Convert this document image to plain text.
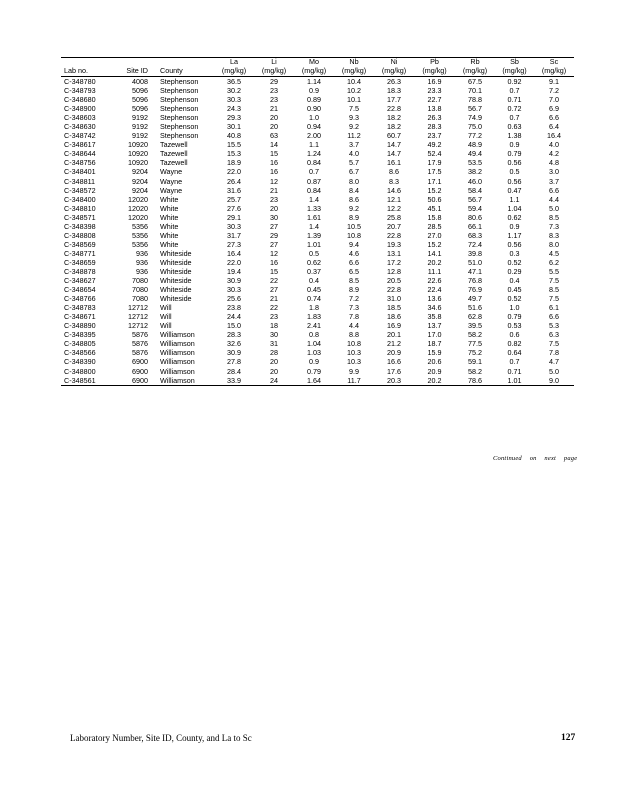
			La	Li	Mo	Nb	Ni	Pb	Rb	Sb	Sc
Lab no.	Site ID	County	(mg/kg)	(mg/kg)	(mg/kg)	(mg/kg)	(mg/kg)	(mg/kg)	(mg/kg)	(mg/kg)	(mg/kg)
C-348780	4008	Stephenson	36.5	29	1.14	10.4	26.3	16.9	67.5	0.92	9.1
C-348793	5096	Stephenson	30.2	23	0.9	10.2	18.3	23.3	70.1	0.7	7.2
C-348680	5096	Stephenson	30.3	23	0.89	10.1	17.7	22.7	78.8	0.71	7.0
C-348900	5096	Stephenson	24.3	21	0.90	7.5	22.8	13.8	56.7	0.72	6.9
C-348603	9192	Stephenson	29.3	20	1.0	9.3	18.2	26.3	74.9	0.7	6.6
C-348630	9192	Stephenson	30.1	20	0.94	9.2	18.2	28.3	75.0	0.63	6.4
C-348742	9192	Stephenson	40.8	63	2.00	11.2	60.7	23.7	77.2	1.38	16.4
C-348617	10920	Tazewell	15.5	14	1.1	3.7	14.7	49.2	48.9	0.9	4.0
C-348644	10920	Tazewell	15.3	15	1.24	4.0	14.7	52.4	49.4	0.79	4.2
C-348756	10920	Tazewell	18.9	16	0.84	5.7	16.1	17.9	53.5	0.56	4.8
C-348401	9204	Wayne	22.0	16	0.7	6.7	8.6	17.5	38.2	0.5	3.0
C-348811	9204	Wayne	26.4	12	0.87	8.0	8.3	17.1	46.0	0.56	3.7
C-348572	9204	Wayne	31.6	21	0.84	8.4	14.6	15.2	58.4	0.47	6.6
C-348400	12020	White	25.7	23	1.4	8.6	12.1	50.6	56.7	1.1	4.4
C-348810	12020	White	27.6	20	1.33	9.2	12.2	45.1	59.4	1.04	5.0
C-348571	12020	White	29.1	30	1.61	8.9	25.8	15.8	80.6	0.62	8.5
C-348398	5356	White	30.3	27	1.4	10.5	20.7	28.5	66.1	0.9	7.3
C-348808	5356	White	31.7	29	1.39	10.8	22.8	27.0	68.3	1.17	8.3
C-348569	5356	White	27.3	27	1.01	9.4	19.3	15.2	72.4	0.56	8.0
C-348771	936	Whiteside	16.4	12	0.5	4.6	13.1	14.1	39.8	0.3	4.5
C-348659	936	Whiteside	22.0	16	0.62	6.6	17.2	20.2	51.0	0.52	6.2
C-348878	936	Whiteside	19.4	15	0.37	6.5	12.8	11.1	47.1	0.29	5.5
C-348627	7080	Whiteside	30.9	22	0.4	8.5	20.5	22.6	76.8	0.4	7.5
C-348654	7080	Whiteside	30.3	27	0.45	8.9	22.8	22.4	76.9	0.45	8.5
C-348766	7080	Whiteside	25.6	21	0.74	7.2	31.0	13.6	49.7	0.52	7.5
C-348783	12712	Will	23.8	22	1.8	7.3	18.5	34.6	51.6	1.0	6.1
C-348671	12712	Will	24.4	23	1.83	7.8	18.6	35.8	62.8	0.79	6.6
C-348890	12712	Will	15.0	18	2.41	4.4	16.9	13.7	39.5	0.53	5.3
C-348395	5876	Williamson	28.3	30	0.8	8.8	20.1	17.0	58.2	0.6	6.3
C-348805	5876	Williamson	32.6	31	1.04	10.8	21.2	18.7	77.5	0.82	7.5
C-348566	5876	Williamson	30.9	28	1.03	10.3	20.9	15.9	75.2	0.64	7.8
C-348390	6900	Williamson	27.8	20	0.9	10.3	16.6	20.6	59.1	0.7	4.7
C-348800	6900	Williamson	28.4	20	0.79	9.9	17.6	20.9	58.2	0.71	5.0
C-348561	6900	Williamson	33.9	24	1.64	11.7	20.3	20.2	78.6	1.01	9.0
Continued on next page
Laboratory Number, Site ID, County, and La to Sc	127
